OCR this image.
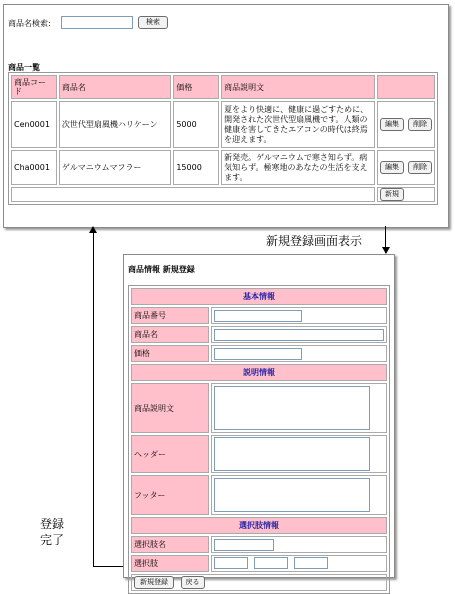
商品名検索:	検索
商品一覧
商品コード	商品名	価格	商品説明文	
Cen0001	次世代型扇風機ハリケーン	5000	夏をより快適に、健康に過ごすために、開発された次世代型扇風機です。人類の健康を害してきたエアコンの時代は終焉を迎えます。	編集 削除

Cha0001	ゲルマニウムマフラー	15000	新発売。ゲルマニウムで寒さ知らず。病気知らず。極寒地のあなたの生活を支えます。	編集 削除

				新規
新規登録画面表示
登録
完了
商品情報 新規登録
基本情報	
商品番号	

商品名	

価格	

説明情報	
商品説明文	

ヘッダー	

フッター	

選択肢情報	
選択肢名	

選択肢	

新規登録 戻る	
